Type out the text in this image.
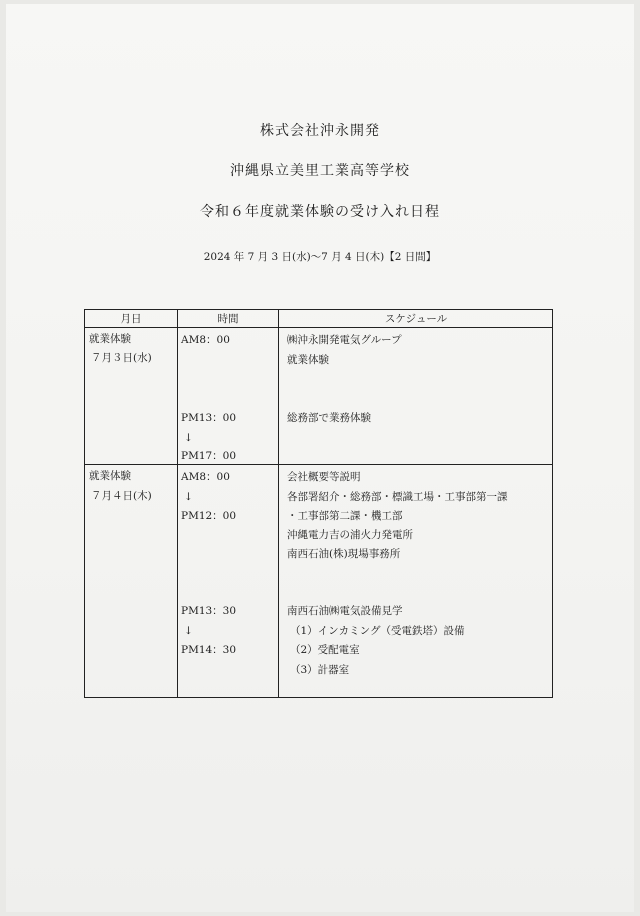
株式会社沖永開発
沖縄県立美里工業高等学校
令和６年度就業体験の受け入れ日程
2024 年 7 月 3 日(水)〜7 月 4 日(木)【2 日間】
月日	時間	スケジュール
就業体験
７月３日(水)
AM8：00
PM13：00
↓
PM17：00
㈱沖永開発電気グループ
就業体験
総務部で業務体験
就業体験
７月４日(木)
AM8：00
↓
PM12：00
PM13：30
↓
PM14：30
会社概要等説明
各部署紹介・総務部・標識工場・工事部第一課
・工事部第二課・機工部
沖縄電力吉の浦火力発電所
南西石油(株)現場事務所
南西石油㈱電気設備見学
（1）インカミング（受電鉄塔）設備
（2）受配電室
（3）計器室
